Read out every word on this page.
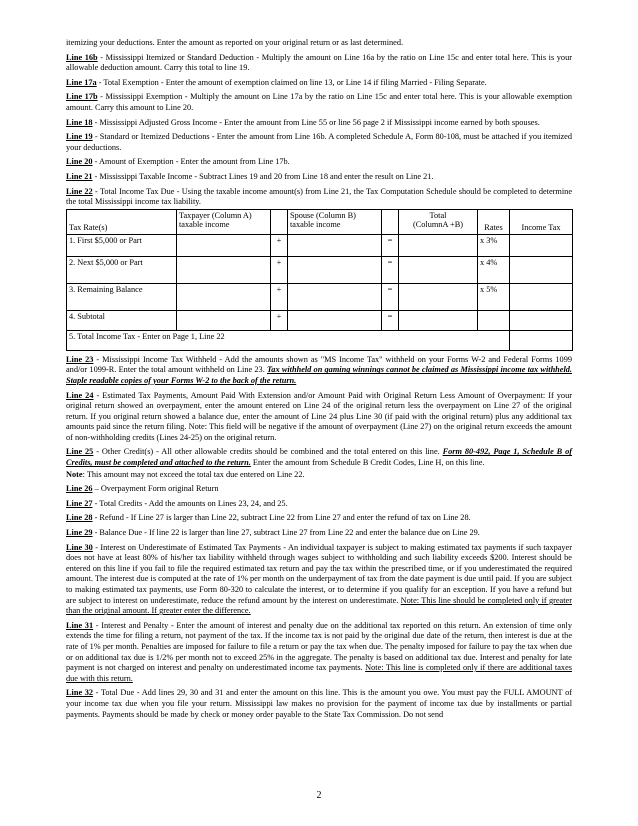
itemizing your deductions. Enter the amount as reported on your original return or as last determined.

Line 16b - Mississippi Itemized or Standard Deduction - Multiply the amount on Line 16a by the ratio on Line 15c and enter total here. This is your allowable deduction amount. Carry this total to line 19.

Line 17a - Total Exemption - Enter the amount of exemption claimed on line 13, or Line 14 if filing Married - Filing Separate.

Line 17b - Mississippi Exemption - Multiply the amount on Line 17a by the ratio on Line 15c and enter total here. This is your allowable exemption amount. Carry this amount to Line 20.

Line 18 - Mississippi Adjusted Gross Income - Enter the amount from Line 55 or line 56 page 2 if Mississippi income earned by both spouses.

Line 19 - Standard or Itemized Deductions - Enter the amount from Line 16b. A completed Schedule A, Form 80-108, must be attached if you itemized your deductions.

Line 20 - Amount of Exemption - Enter the amount from Line 17b.

Line 21 - Mississippi Taxable Income - Subtract Lines 19 and 20 from Line 18 and enter the result on Line 21.

Line 22 - Total Income Tax Due - Using the taxable income amount(s) from Line 21, the Tax Computation Schedule should be completed to determine the total Mississippi income tax liability.

Tax Rate(s)	Taxpayer (Column A) taxable income		Spouse (Column B) taxable income		Total
(ColumnA +B)	Rates	Income Tax
1. First $5,000 or Part		+		=		x 3%	
2. Next $5,000 or Part		+		=		x 4%	
3. Remaining Balance		+		=		x 5%	
4. Subtotal		+		=			
5. Total Income Tax - Enter on Page 1, Line 22							

Line 23 - Mississippi Income Tax Withheld - Add the amounts shown as "MS Income Tax" withheld on your Forms W-2 and Federal Forms 1099 and/or 1099-R. Enter the total amount withheld on Line 23. Tax withheld on gaming winnings cannot be claimed as Mississippi income tax withheld. Staple readable copies of your Forms W-2 to the back of the return.

Line 24 - Estimated Tax Payments, Amount Paid With Extension and/or Amount Paid with Original Return Less Amount of Overpayment: If your original return showed an overpayment, enter the amount entered on Line 24 of the original return less the overpayment on Line 27 of the original return. If you original return showed a balance due, enter the amount of Line 24 plus Line 30 (if paid with the original return) plus any additional tax amounts paid since the return filing. Note: This field will be negative if the amount of overpayment (Line 27) on the original return exceeds the amount of non-withholding credits (Lines 24-25) on the original return.

Line 25 - Other Credit(s) - All other allowable credits should be combined and the total entered on this line. Form 80-492, Page 1, Schedule B of Credits, must be completed and attached to the return. Enter the amount from Schedule B Credit Codes, Line H, on this line.

Note: This amount may not exceed the total tax due entered on Line 22.

Line 26 – Overpayment Form original Return

Line 27 - Total Credits - Add the amounts on Lines 23, 24, and 25.

Line 28 - Refund - If Line 27 is larger than Line 22, subtract Line 22 from Line 27 and enter the refund of tax on Line 28.

Line 29 - Balance Due - If line 22 is larger than line 27, subtract Line 27 from Line 22 and enter the balance due on Line 29.

Line 30 - Interest on Underestimate of Estimated Tax Payments - An individual taxpayer is subject to making estimated tax payments if such taxpayer does not have at least 80% of his/her tax liability withheld through wages subject to withholding and such liability exceeds $200. Interest should be entered on this line if you fail to file the required estimated tax return and pay the tax within the prescribed time, or if you underestimated the required amount. The interest due is computed at the rate of 1% per month on the underpayment of tax from the date payment is due until paid. If you are subject to making estimated tax payments, use Form 80-320 to calculate the interest, or to determine if you qualify for an exception. If you have a refund but are subject to interest on underestimate, reduce the refund amount by the interest on underestimate. Note: This line should be completed only if greater than the original amount. If greater enter the difference.

Line 31 - Interest and Penalty - Enter the amount of interest and penalty due on the additional tax reported on this return. An extension of time only extends the time for filing a return, not payment of the tax. If the income tax is not paid by the original due date of the return, then interest is due at the rate of 1% per month. Penalties are imposed for failure to file a return or pay the tax when due. The penalty imposed for failure to pay the tax when due or on additional tax due is 1/2% per month not to exceed 25% in the aggregate. The penalty is based on additional tax due. Interest and penalty for late payment is not charged on interest and penalty on underestimated income tax payments. Note: This line is completed only if there are additional taxes due with this return.

Line 32 - Total Due - Add lines 29, 30 and 31 and enter the amount on this line. This is the amount you owe. You must pay the FULL AMOUNT of your income tax due when you file your return. Mississippi law makes no provision for the payment of income tax due by installments or partial payments. Payments should be made by check or money order payable to the State Tax Commission. Do not send

2
